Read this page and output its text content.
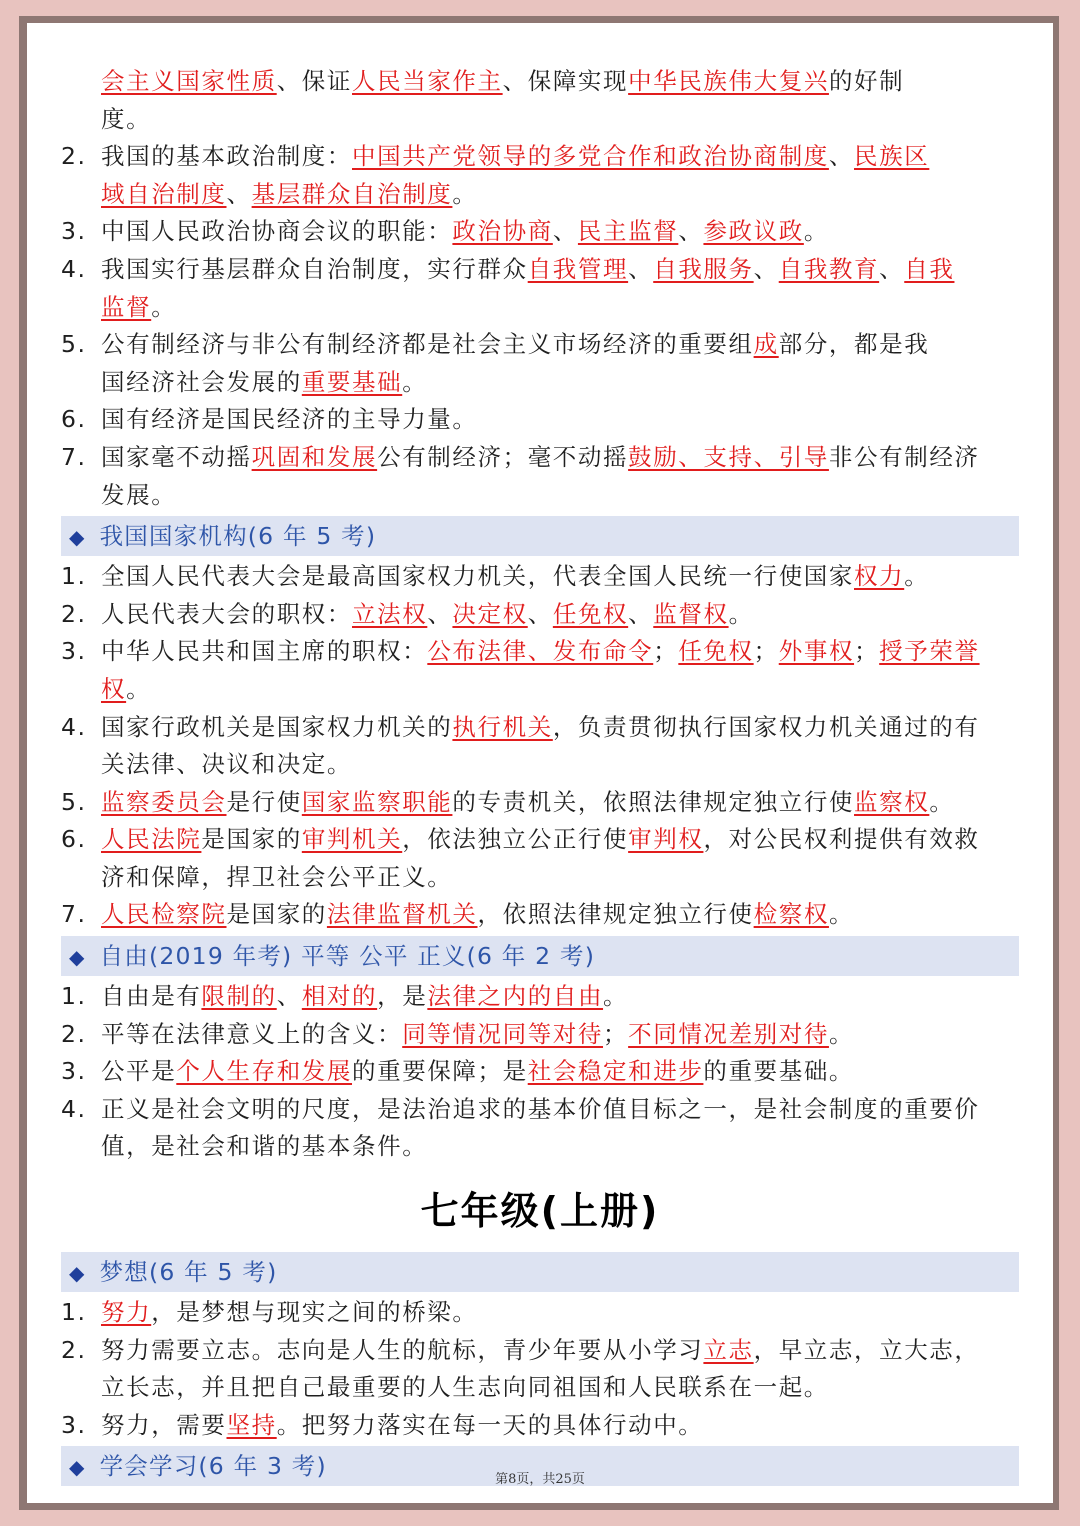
会主义国家性质、保证人民当家作主、保障实现中华民族伟大复兴的好制
度。
2. 我国的基本政治制度：中国共产党领导的多党合作和政治协商制度、民族区
域自治制度、基层群众自治制度。
3. 中国人民政治协商会议的职能：政治协商、民主监督、参政议政。
4. 我国实行基层群众自治制度，实行群众自我管理、自我服务、自我教育、自我
监督。
5. 公有制经济与非公有制经济都是社会主义市场经济的重要组成部分，都是我
国经济社会发展的重要基础。
6. 国有经济是国民经济的主导力量。
7. 国家毫不动摇巩固和发展公有制经济；毫不动摇鼓励、支持、引导非公有制经济
发展。
◆ 我国国家机构(6 年 5 考)
1. 全国人民代表大会是最高国家权力机关，代表全国人民统一行使国家权力。
2. 人民代表大会的职权：立法权、决定权、任免权、监督权。
3. 中华人民共和国主席的职权：公布法律、发布命令；任免权；外事权；授予荣誉
权。
4. 国家行政机关是国家权力机关的执行机关，负责贯彻执行国家权力机关通过的有
关法律、决议和决定。
5. 监察委员会是行使国家监察职能的专责机关，依照法律规定独立行使监察权。
6. 人民法院是国家的审判机关，依法独立公正行使审判权，对公民权利提供有效救
济和保障，捍卫社会公平正义。
7. 人民检察院是国家的法律监督机关，依照法律规定独立行使检察权。
◆ 自由(2019 年考) 平等 公平 正义(6 年 2 考)
1. 自由是有限制的、相对的，是法律之内的自由。
2. 平等在法律意义上的含义：同等情况同等对待；不同情况差别对待。
3. 公平是个人生存和发展的重要保障；是社会稳定和进步的重要基础。
4. 正义是社会文明的尺度，是法治追求的基本价值目标之一，是社会制度的重要价
值，是社会和谐的基本条件。
七年级(上册)
◆ 梦想(6 年 5 考)
1. 努力，是梦想与现实之间的桥梁。
2. 努力需要立志。志向是人生的航标，青少年要从小学习立志，早立志，立大志，
立长志，并且把自己最重要的人生志向同祖国和人民联系在一起。
3. 努力，需要坚持。把努力落实在每一天的具体行动中。
◆ 学会学习(6 年 3 考)	第8页，共25页
